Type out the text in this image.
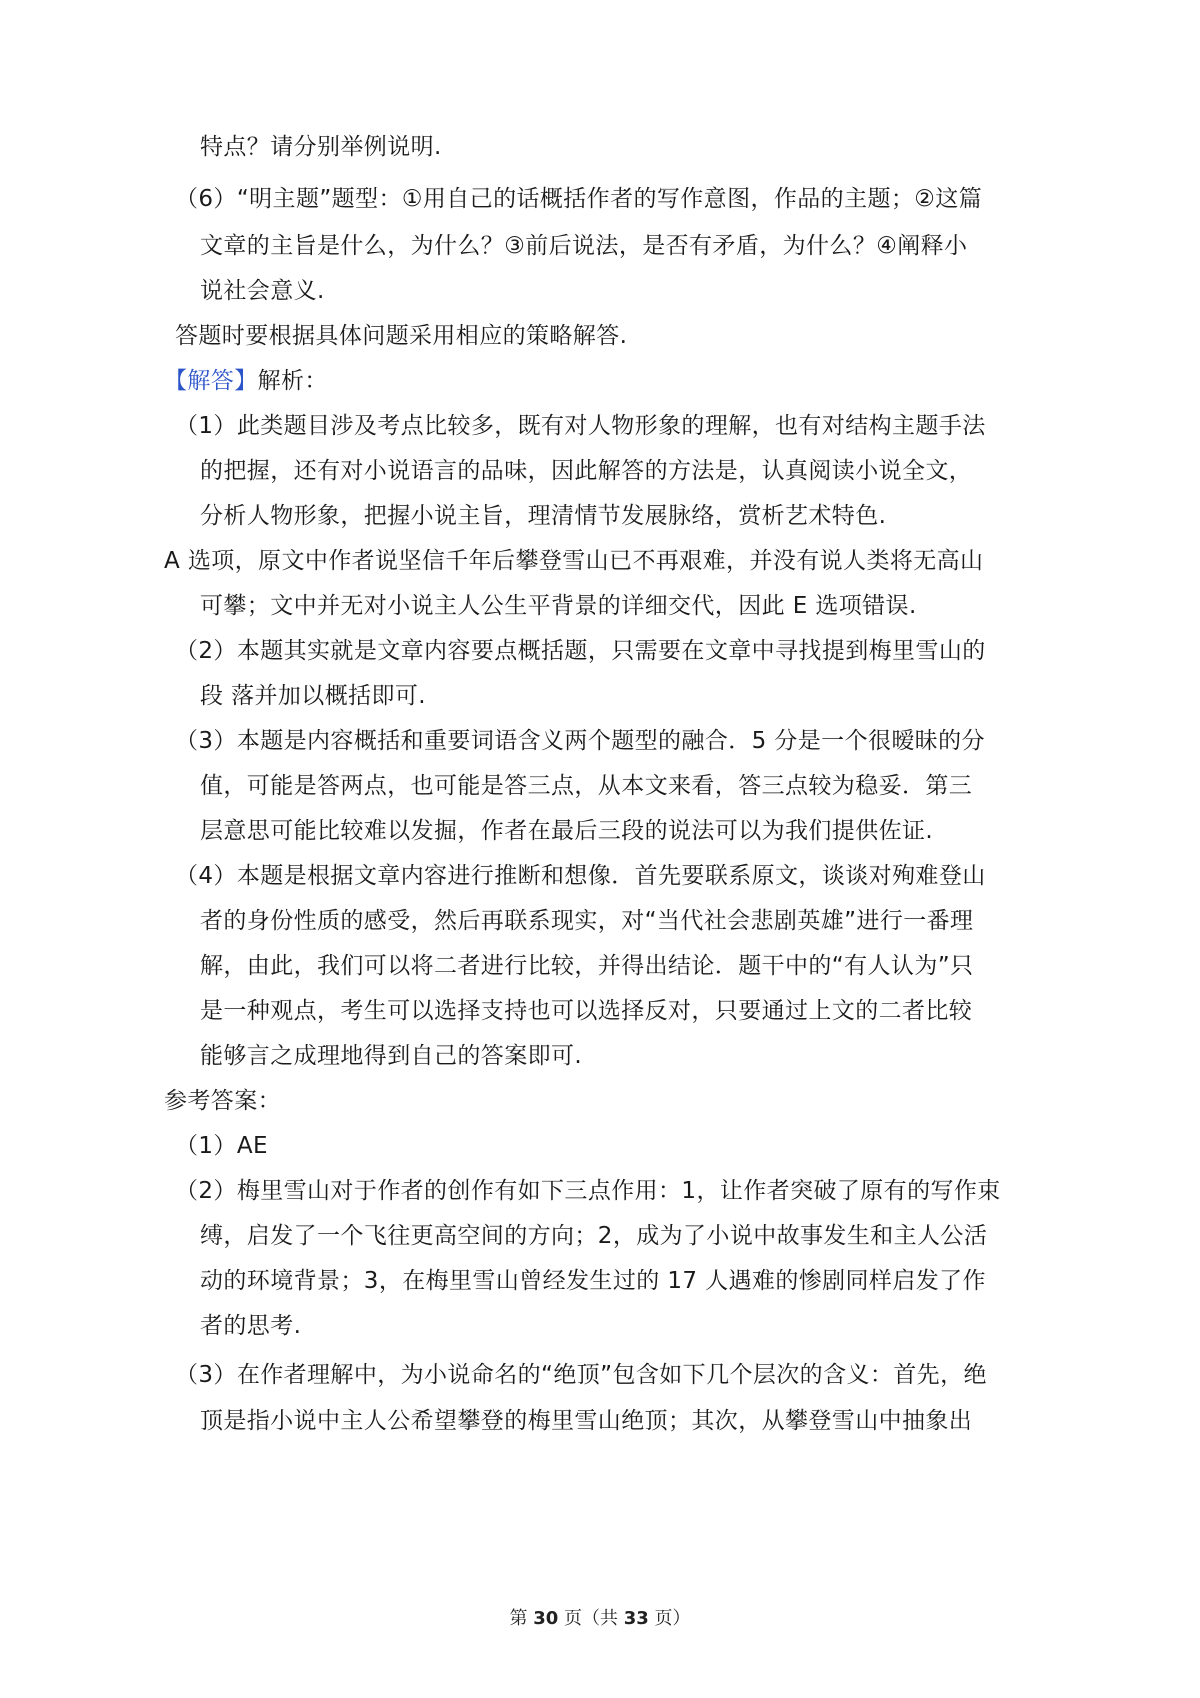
特点？请分别举例说明.
（6）“明主题”题型：①用自己的话概括作者的写作意图，作品的主题；②这篇
文章的主旨是什么，为什么？③前后说法，是否有矛盾，为什么？④阐释小
说社会意义.
答题时要根据具体问题采用相应的策略解答.
【解答】解析：
（1）此类题目涉及考点比较多，既有对人物形象的理解，也有对结构主题手法
的把握，还有对小说语言的品味，因此解答的方法是，认真阅读小说全文，
分析人物形象，把握小说主旨，理清情节发展脉络，赏析艺术特色.
A 选项，原文中作者说坚信千年后攀登雪山已不再艰难，并没有说人类将无高山
可攀；文中并无对小说主人公生平背景的详细交代，因此 E 选项错误.
（2）本题其实就是文章内容要点概括题，只需要在文章中寻找提到梅里雪山的
段 落并加以概括即可.
（3）本题是内容概括和重要词语含义两个题型的融合．5 分是一个很暧昧的分
值，可能是答两点，也可能是答三点，从本文来看，答三点较为稳妥．第三
层意思可能比较难以发掘，作者在最后三段的说法可以为我们提供佐证.
（4）本题是根据文章内容进行推断和想像．首先要联系原文，谈谈对殉难登山
者的身份性质的感受，然后再联系现实，对“当代社会悲剧英雄”进行一番理
解，由此，我们可以将二者进行比较，并得出结论．题干中的“有人认为”只
是一种观点，考生可以选择支持也可以选择反对，只要通过上文的二者比较
能够言之成理地得到自己的答案即可.
参考答案：
（1）AE
（2）梅里雪山对于作者的创作有如下三点作用：1，让作者突破了原有的写作束
缚，启发了一个飞往更高空间的方向；2，成为了小说中故事发生和主人公活
动的环境背景；3，在梅里雪山曾经发生过的 17 人遇难的惨剧同样启发了作
者的思考.
（3）在作者理解中，为小说命名的“绝顶”包含如下几个层次的含义：首先，绝
顶是指小说中主人公希望攀登的梅里雪山绝顶；其次，从攀登雪山中抽象出
第 30 页（共 33 页）
